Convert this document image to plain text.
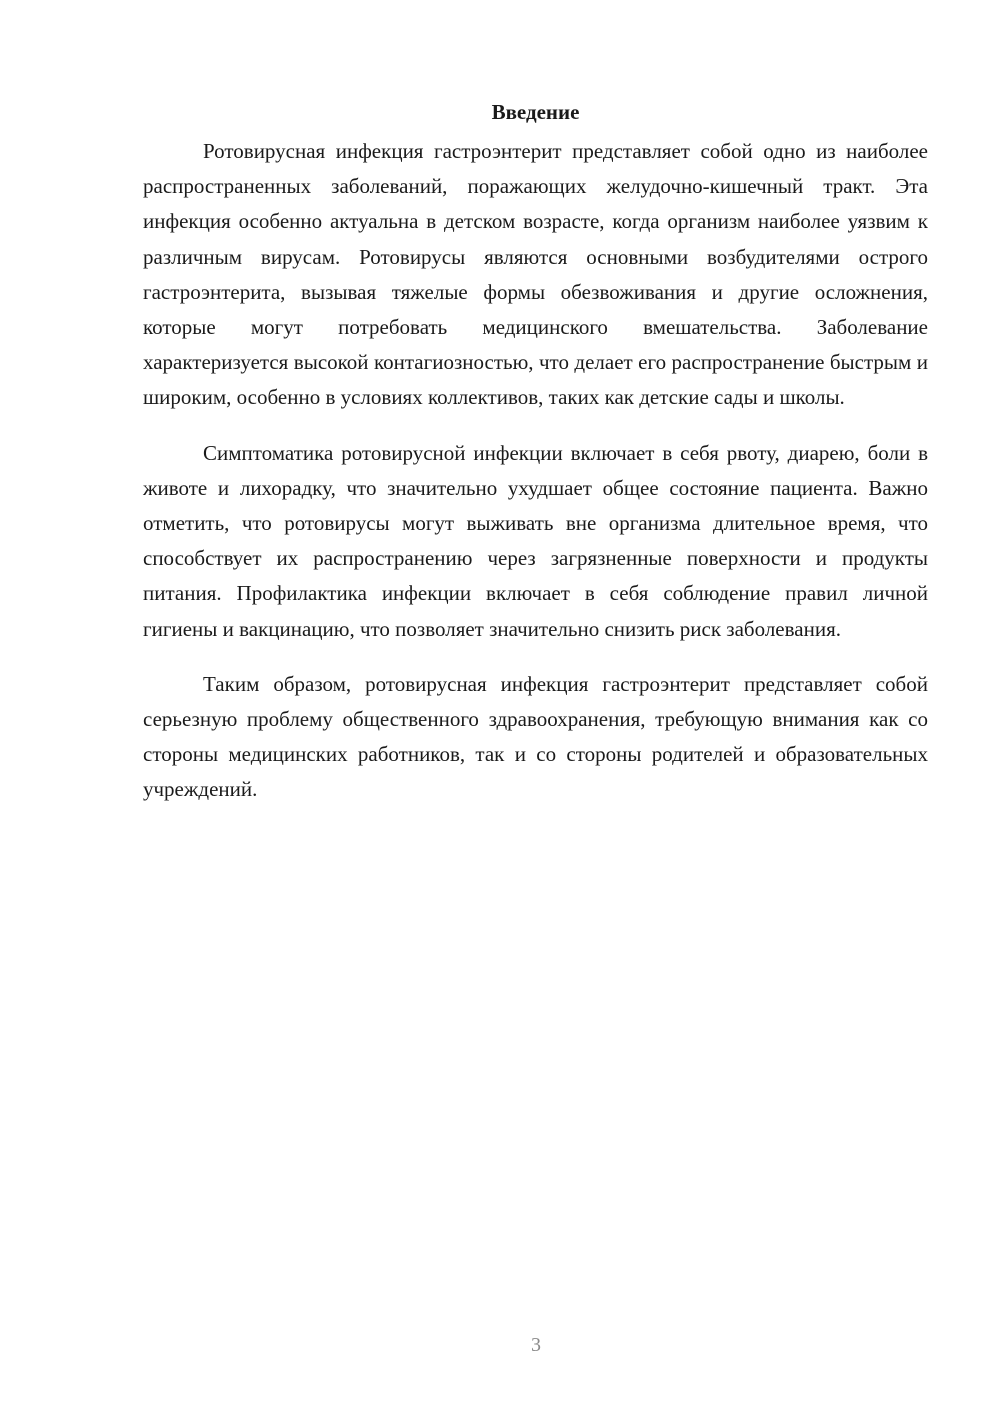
Введение

Ротовирусная инфекция гастроэнтерит представляет собой одно из наиболее распространенных заболеваний, поражающих желудочно-кишечный тракт. Эта инфекция особенно актуальна в детском возрасте, когда организм наиболее уязвим к различным вирусам. Ротовирусы являются основными возбудителями острого гастроэнтерита, вызывая тяжелые формы обезвоживания и другие осложнения, которые могут потребовать медицинского вмешательства. Заболевание характеризуется высокой контагиозностью, что делает его распространение быстрым и широким, особенно в условиях коллективов, таких как детские сады и школы.

Симптоматика ротовирусной инфекции включает в себя рвоту, диарею, боли в животе и лихорадку, что значительно ухудшает общее состояние пациента. Важно отметить, что ротовирусы могут выживать вне организма длительное время, что способствует их распространению через загрязненные поверхности и продукты питания. Профилактика инфекции включает в себя соблюдение правил личной гигиены и вакцинацию, что позволяет значительно снизить риск заболевания.

Таким образом, ротовирусная инфекция гастроэнтерит представляет собой серьезную проблему общественного здравоохранения, требующую внимания как со стороны медицинских работников, так и со стороны родителей и образовательных учреждений.

3
